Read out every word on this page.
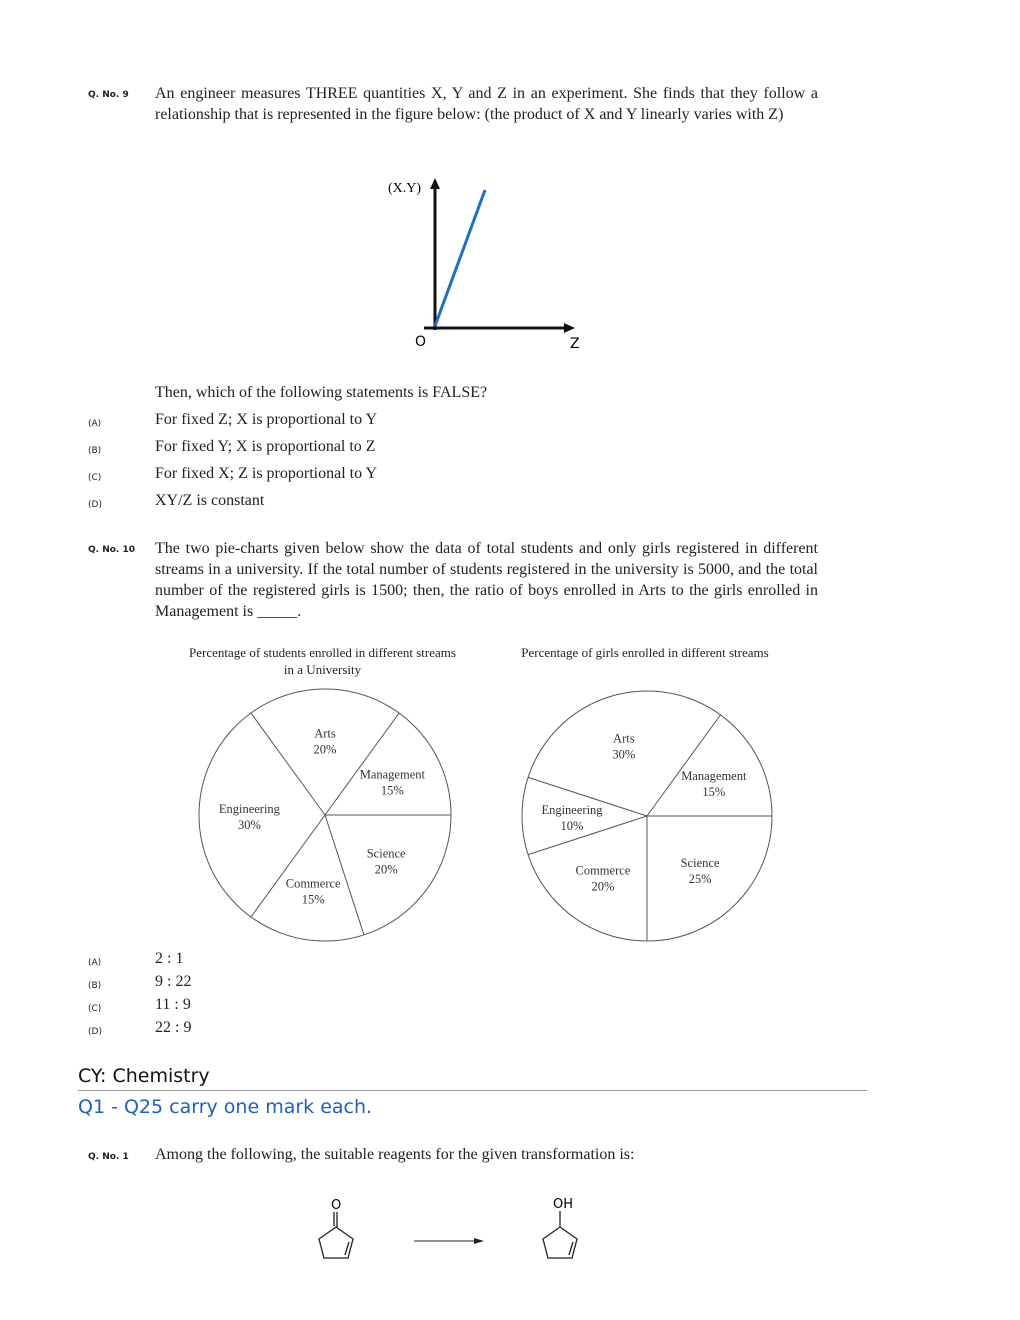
Q. No. 9 An engineer measures THREE quantities X, Y and Z in an experiment. She finds that they follow a relationship that is represented in the figure below: (the product of X and Y linearly varies with Z)
(X.Y)
Z
O
Then, which of the following statements is FALSE?
(A)	For fixed Z; X is proportional to Y
(B)	For fixed Y; X is proportional to Z
(C)	For fixed X; Z is proportional to Y
(D)	XY/Z is constant
Q. No. 10 The two pie-charts given below show the data of total students and only girls registered in different streams in a university. If the total number of students registered in the university is 5000, and the total number of the registered girls is 1500; then, the ratio of boys enrolled in Arts to the girls enrolled in Management is _____.
Percentage of students enrolled in different streams in a University
Percentage of girls enrolled in different streams
Arts
20%
Management
15%
Science
20%
Commerce
15%
Engineering
30%
Science
25%
Commerce
20%
Engineering
10%
Arts
30%
Management
15%
(A)	2 : 1
(B)	9 : 22
(C)	11 : 9
(D)	22 : 9
CY: Chemistry
Q1 - Q25 carry one mark each.
Q. No. 1 Among the following, the suitable reagents for the given transformation is:
O	OH
